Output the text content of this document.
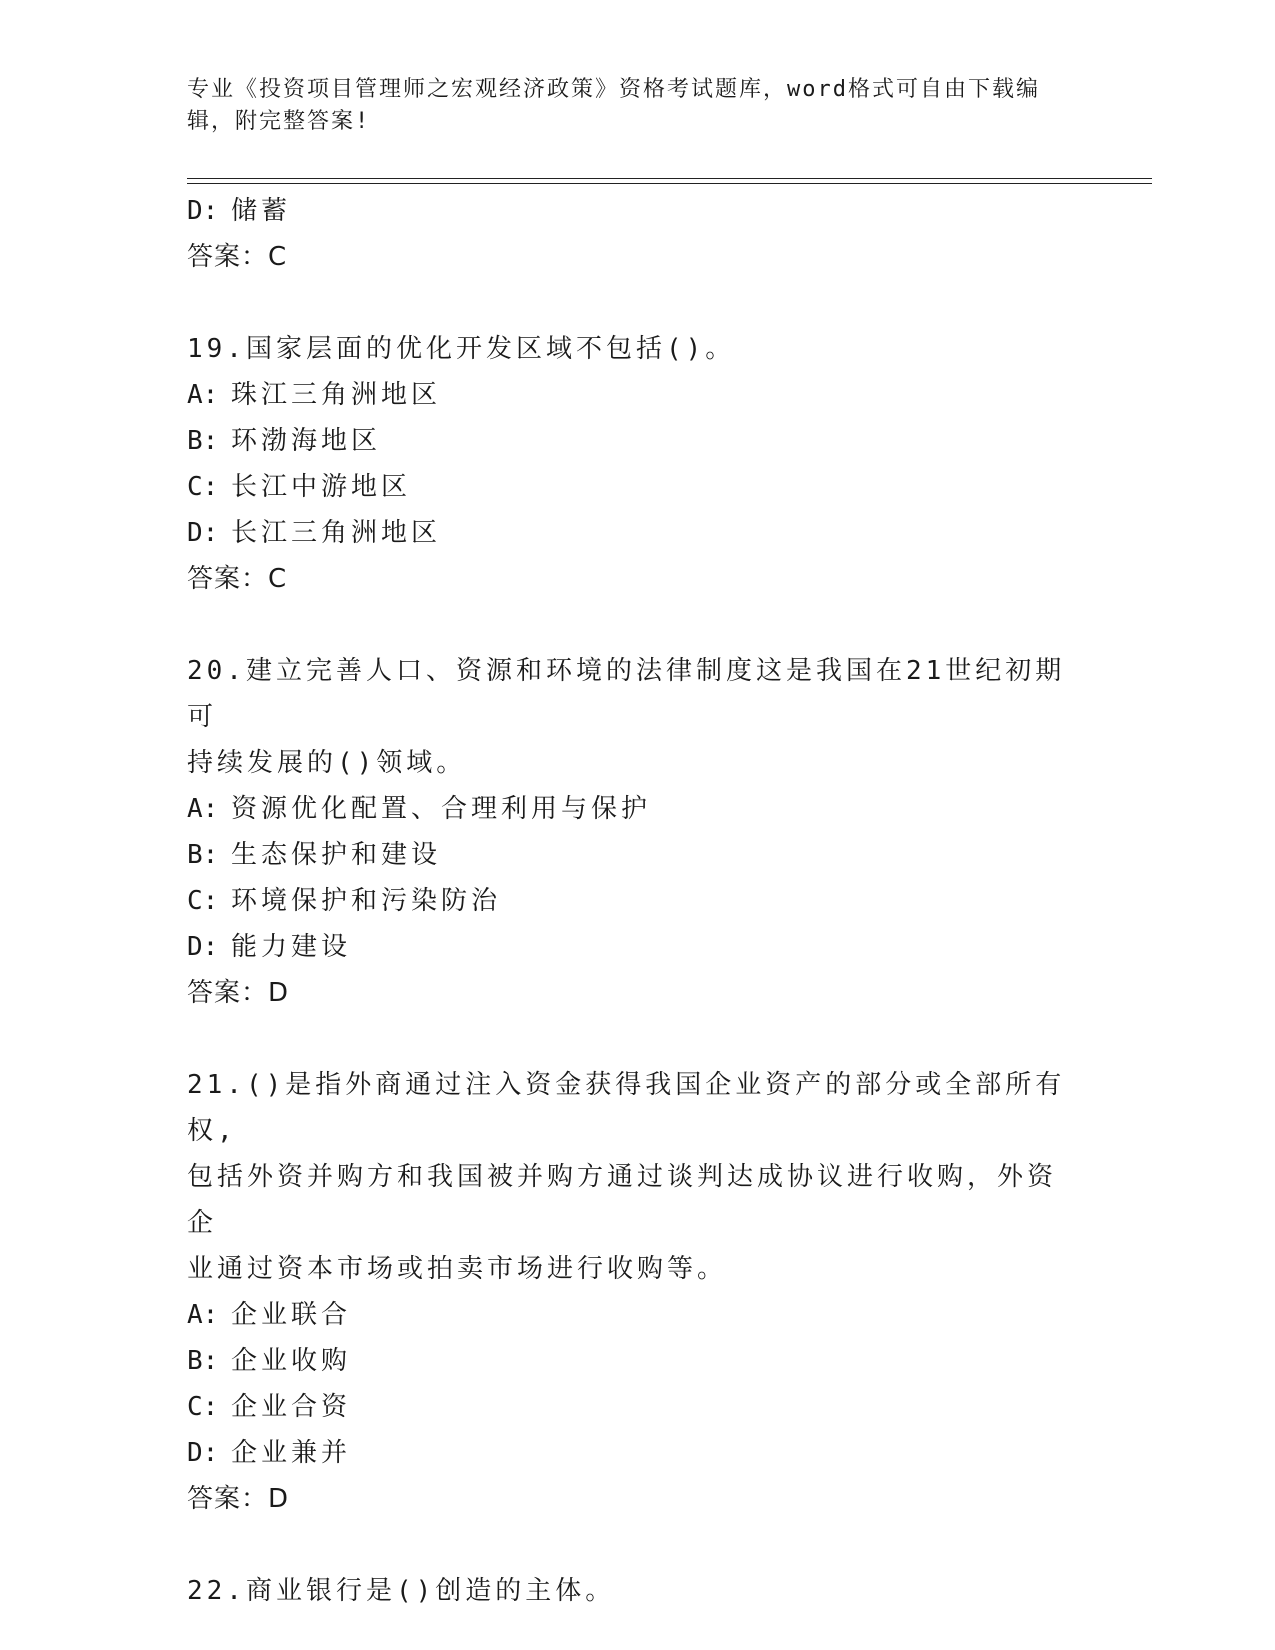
专业《投资项目管理师之宏观经济政策》资格考试题库，word格式可自由下载编辑，附完整答案!
D: 储蓄
答案：C
19.国家层面的优化开发区域不包括()。
A: 珠江三角洲地区
B: 环渤海地区
C: 长江中游地区
D: 长江三角洲地区
答案：C
20.建立完善人口、资源和环境的法律制度这是我国在21世纪初期可
持续发展的()领域。
A: 资源优化配置、合理利用与保护
B: 生态保护和建设
C: 环境保护和污染防治
D: 能力建设
答案：D
21.()是指外商通过注入资金获得我国企业资产的部分或全部所有权,
包括外资并购方和我国被并购方通过谈判达成协议进行收购，外资企
业通过资本市场或拍卖市场进行收购等。
A: 企业联合
B: 企业收购
C: 企业合资
D: 企业兼并
答案：D
22.商业银行是()创造的主体。
